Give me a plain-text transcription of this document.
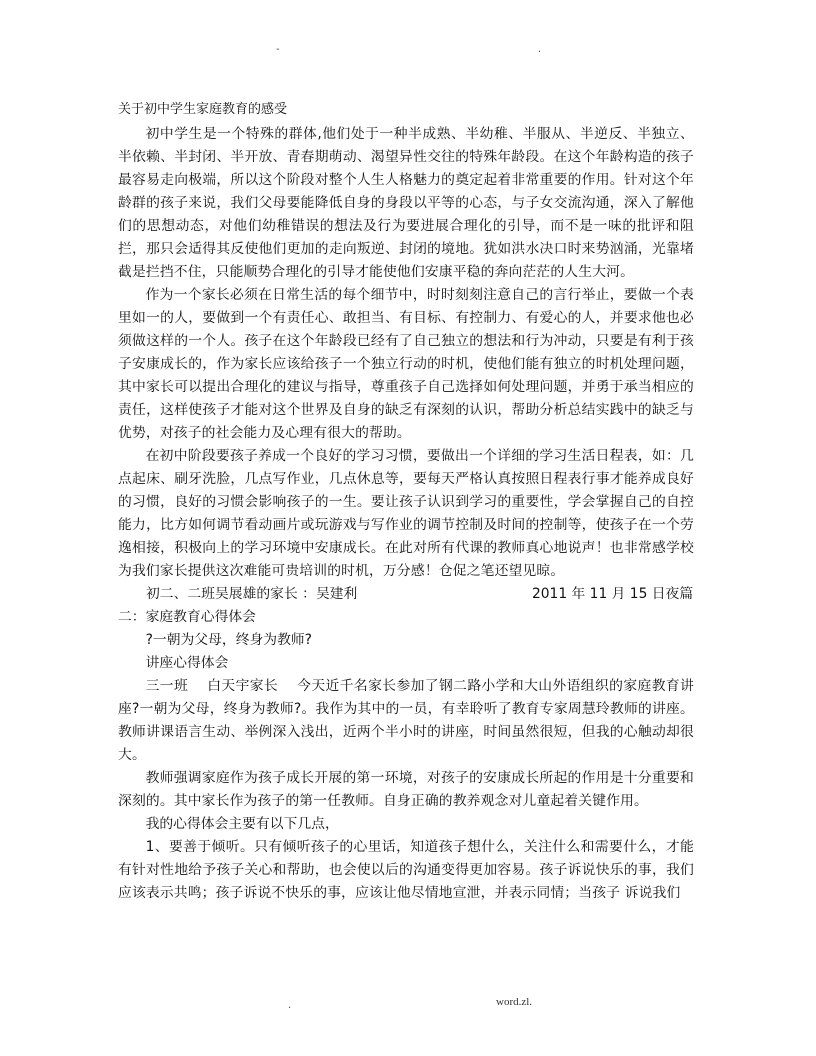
-	.
关于初中学生家庭教育的感受

初中学生是一个特殊的群体,他们处于一种半成熟、半幼稚、半服从、半逆反、半独立、半依赖、半封闭、半开放、青春期萌动、渴望异性交往的特殊年龄段。在这个年龄构造的孩子最容易走向极端，所以这个阶段对整个人生人格魅力的奠定起着非常重要的作用。针对这个年龄群的孩子来说，我们父母要能降低自身的身段以平等的心态，与子女交流沟通，深入了解他们的思想动态，对他们幼稚错误的想法及行为要进展合理化的引导，而不是一味的批评和阻拦，那只会适得其反使他们更加的走向叛逆、封闭的境地。犹如洪水决口时来势汹涌，光靠堵截是拦挡不住，只能顺势合理化的引导才能使他们安康平稳的奔向茫茫的人生大河。

作为一个家长必须在日常生活的每个细节中，时时刻刻注意自己的言行举止，要做一个表里如一的人，要做到一个有责任心、敢担当、有目标、有控制力、有爱心的人，并要求他也必须做这样的一个人。孩子在这个年龄段已经有了自己独立的想法和行为冲动，只要是有利于孩子安康成长的，作为家长应该给孩子一个独立行动的时机，使他们能有独立的时机处理问题，其中家长可以提出合理化的建议与指导，尊重孩子自己选择如何处理问题，并勇于承当相应的责任，这样使孩子才能对这个世界及自身的缺乏有深刻的认识，帮助分析总结实践中的缺乏与优势，对孩子的社会能力及心理有很大的帮助。

在初中阶段要孩子养成一个良好的学习习惯，要做出一个详细的学习生活日程表，如：几点起床、刷牙洗脸，几点写作业，几点休息等，要每天严格认真按照日程表行事才能养成良好的习惯，良好的习惯会影响孩子的一生。要让孩子认识到学习的重要性，学会掌握自己的自控能力，比方如何调节看动画片或玩游戏与写作业的调节控制及时间的控制等，使孩子在一个劳逸相接，积极向上的学习环境中安康成长。在此对所有代课的教师真心地说声！也非常感学校为我们家长提供这次难能可贵培训的时机，万分感！仓促之笔还望见晾。

初二、二班吴展雄的家长 ：吴建利	2011 年 11 月 15 日夜篇
二：家庭教育心得体会
?一朝为父母，终身为教师?
讲座心得体会

三一班    白天宇家长    今天近千名家长参加了钢二路小学和大山外语组织的家庭教育讲座?一朝为父母，终身为教师?。我作为其中的一员，有幸聆听了教育专家周慧玲教师的讲座。教师讲课语言生动、举例深入浅出，近两个半小时的讲座，时间虽然很短，但我的心触动却很大。

教师强调家庭作为孩子成长开展的第一环境，对孩子的安康成长所起的作用是十分重要和深刻的。其中家长作为孩子的第一任教师。自身正确的教养观念对儿童起着关键作用。

我的心得体会主要有以下几点，

1、要善于倾听。只有倾听孩子的心里话，知道孩子想什么，关注什么和需要什么，才能有针对性地给予孩子关心和帮助，也会使以后的沟通变得更加容易。孩子诉说快乐的事，我们应该表示共鸣；孩子诉说不快乐的事，应该让他尽情地宣泄，并表示同情；当孩子 诉说我们

.	word.zl.
